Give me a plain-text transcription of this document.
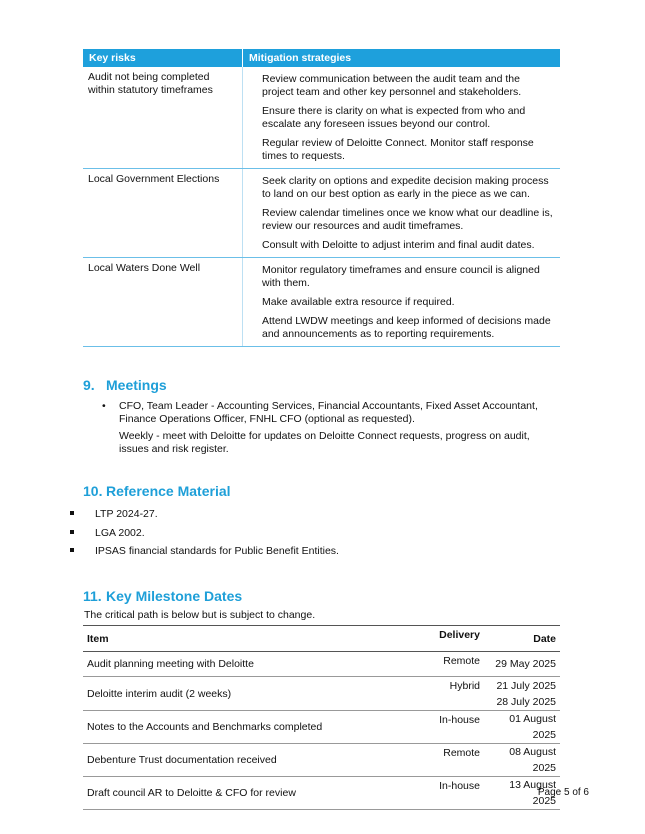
Key risks	Mitigation strategies
Audit not being completed within statutory timeframes	Review communication between the audit team and the project team and other key personnel and stakeholders.
Ensure there is clarity on what is expected from who and escalate any foreseen issues beyond our control.
Regular review of Deloitte Connect. Monitor staff response times to requests.

Local Government Elections	Seek clarity on options and expedite decision making process to land on our best option as early in the piece as we can.
Review calendar timelines once we know what our deadline is, review our resources and audit timeframes.
Consult with Deloitte to adjust interim and final audit dates.

Local Waters Done Well	Monitor regulatory timeframes and ensure council is aligned with them.
Make available extra resource if required.
Attend LWDW meetings and keep informed of decisions made and announcements as to reporting requirements.
9. Meetings
• CFO, Team Leader - Accounting Services, Financial Accountants, Fixed Asset Accountant, Finance Operations Officer, FNHL CFO (optional as requested).
Weekly - meet with Deloitte for updates on Deloitte Connect requests, progress on audit, issues and risk register.
10. Reference Material
LTP 2024-27.
LGA 2002.
IPSAS financial standards for Public Benefit Entities.
11. Key Milestone Dates
The critical path is below but is subject to change.
Item	Delivery	Date
Audit planning meeting with Deloitte	Remote	29 May 2025
Deloitte interim audit (2 weeks)	Hybrid	21 July 2025
28 July 2025

Notes to the Accounts and Benchmarks completed	In-house	01 August 2025
Debenture Trust documentation received	Remote	08 August 2025
Draft council AR to Deloitte & CFO for review	In-house	13 August 2025
Page 5 of 6
